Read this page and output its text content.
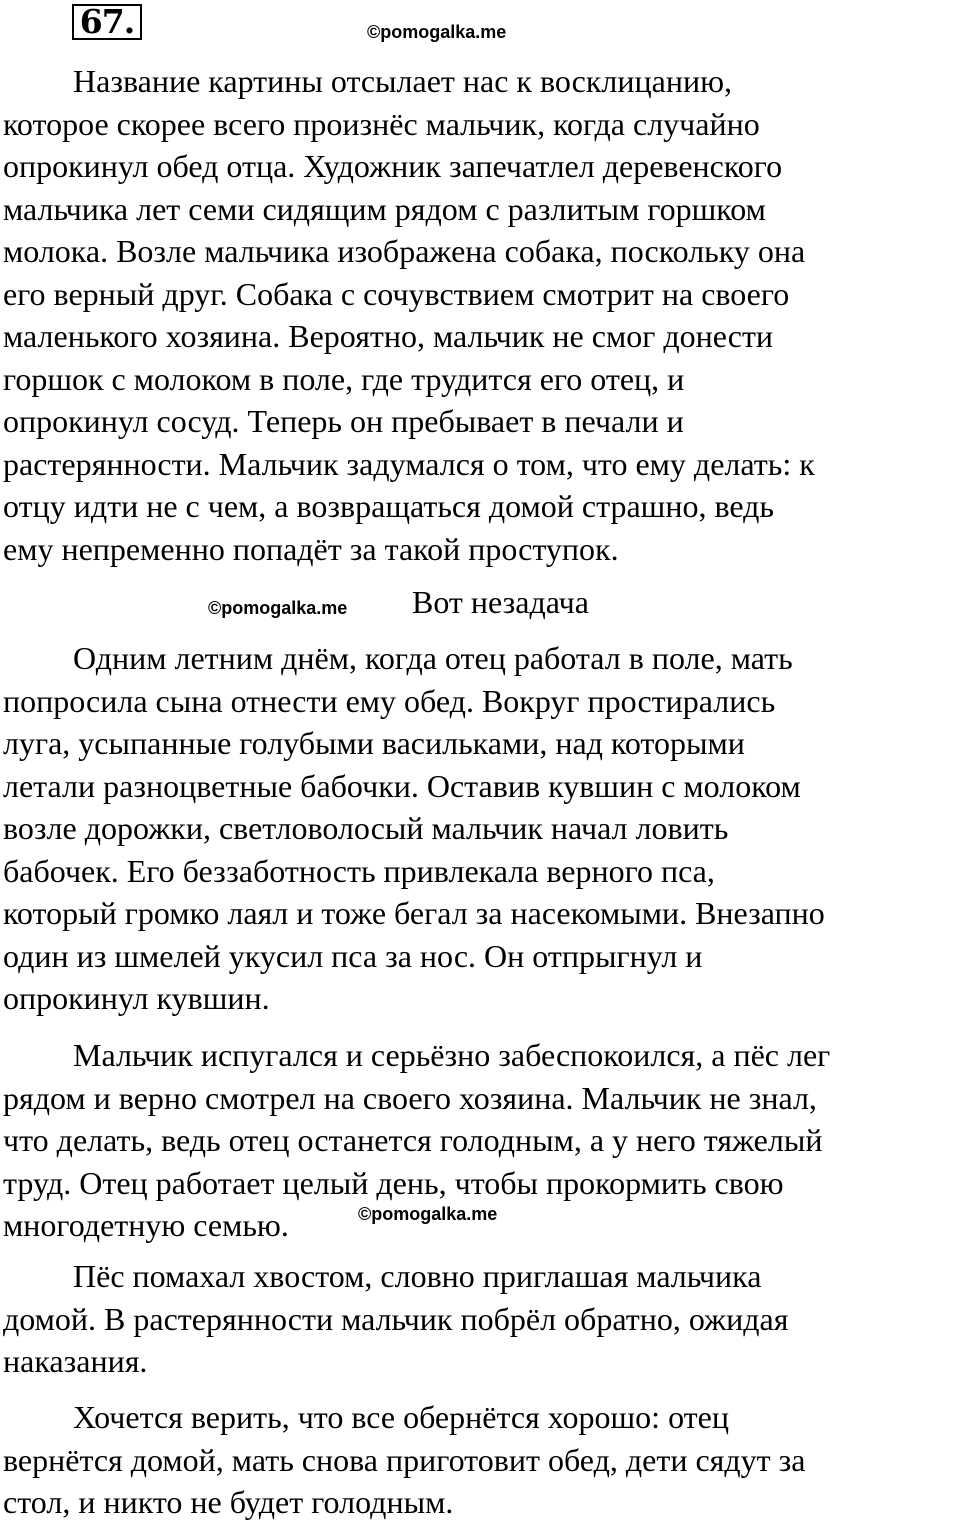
67.	©pomogalka.me
Название картины отсылает нас к восклицанию,
которое скорее всего произнёс мальчик, когда случайно
опрокинул обед отца. Художник запечатлел деревенского
мальчика лет семи сидящим рядом с разлитым горшком
молока. Возле мальчика изображена собака, поскольку она
его верный друг. Собака с сочувствием смотрит на своего
маленького хозяина. Вероятно, мальчик не смог донести
горшок с молоком в поле, где трудится его отец, и
опрокинул сосуд. Теперь он пребывает в печали и
растерянности. Мальчик задумался о том, что ему делать: к
отцу идти не с чем, а возвращаться домой страшно, ведь
ему непременно попадёт за такой проступок.
©pomogalka.me Вот незадача
Одним летним днём, когда отец работал в поле, мать
попросила сына отнести ему обед. Вокруг простирались
луга, усыпанные голубыми васильками, над которыми
летали разноцветные бабочки. Оставив кувшин с молоком
возле дорожки, светловолосый мальчик начал ловить
бабочек. Его беззаботность привлекала верного пса,
который громко лаял и тоже бегал за насекомыми. Внезапно
один из шмелей укусил пса за нос. Он отпрыгнул и
опрокинул кувшин.
Мальчик испугался и серьёзно забеспокоился, а пёс лег
рядом и верно смотрел на своего хозяина. Мальчик не знал,
что делать, ведь отец останется голодным, а у него тяжелый
труд. Отец работает целый день, чтобы прокормить свою
многодетную семью.	©pomogalka.me
Пёс помахал хвостом, словно приглашая мальчика
домой. В растерянности мальчик побрёл обратно, ожидая
наказания.
Хочется верить, что все обернётся хорошо: отец
вернётся домой, мать снова приготовит обед, дети сядут за
стол, и никто не будет голодным.
